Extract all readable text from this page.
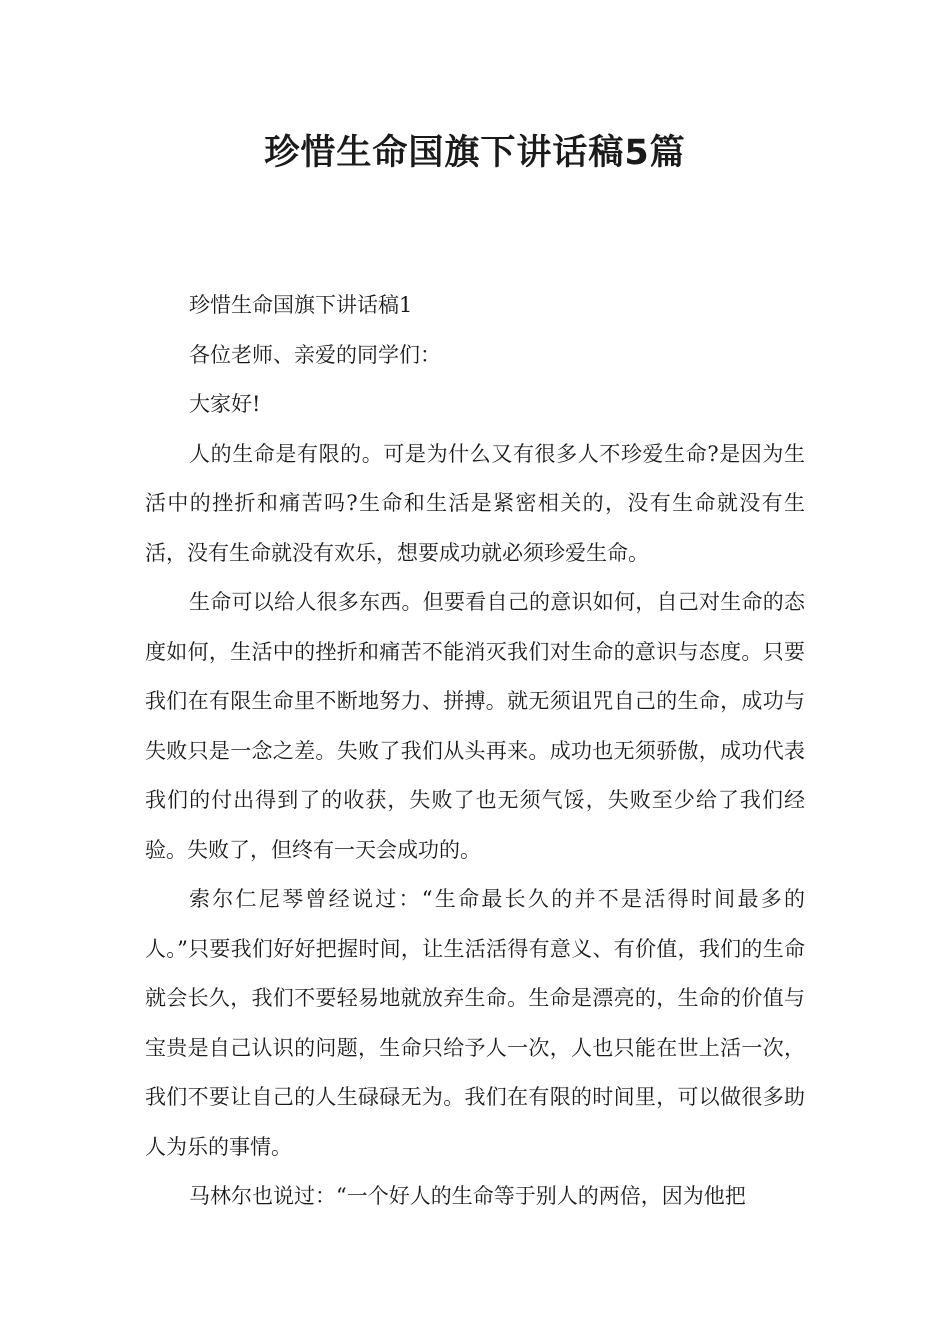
珍惜生命国旗下讲话稿5篇

珍惜生命国旗下讲话稿1

各位老师、亲爱的同学们：

大家好!

人的生命是有限的。可是为什么又有很多人不珍爱生命?是因为生活中的挫折和痛苦吗?生命和生活是紧密相关的，没有生命就没有生活，没有生命就没有欢乐，想要成功就必须珍爱生命。

生命可以给人很多东西。但要看自己的意识如何，自己对生命的态度如何，生活中的挫折和痛苦不能消灭我们对生命的意识与态度。只要我们在有限生命里不断地努力、拼搏。就无须诅咒自己的生命，成功与失败只是一念之差。失败了我们从头再来。成功也无须骄傲，成功代表我们的付出得到了的收获，失败了也无须气馁，失败至少给了我们经验。失败了，但终有一天会成功的。

索尔仁尼琴曾经说过：“生命最长久的并不是活得时间最多的人。”只要我们好好把握时间，让生活活得有意义、有价值，我们的生命就会长久，我们不要轻易地就放弃生命。生命是漂亮的，生命的价值与宝贵是自己认识的问题，生命只给予人一次，人也只能在世上活一次，我们不要让自己的人生碌碌无为。我们在有限的时间里，可以做很多助人为乐的事情。

马林尔也说过：“一个好人的生命等于别人的两倍，因为他把
